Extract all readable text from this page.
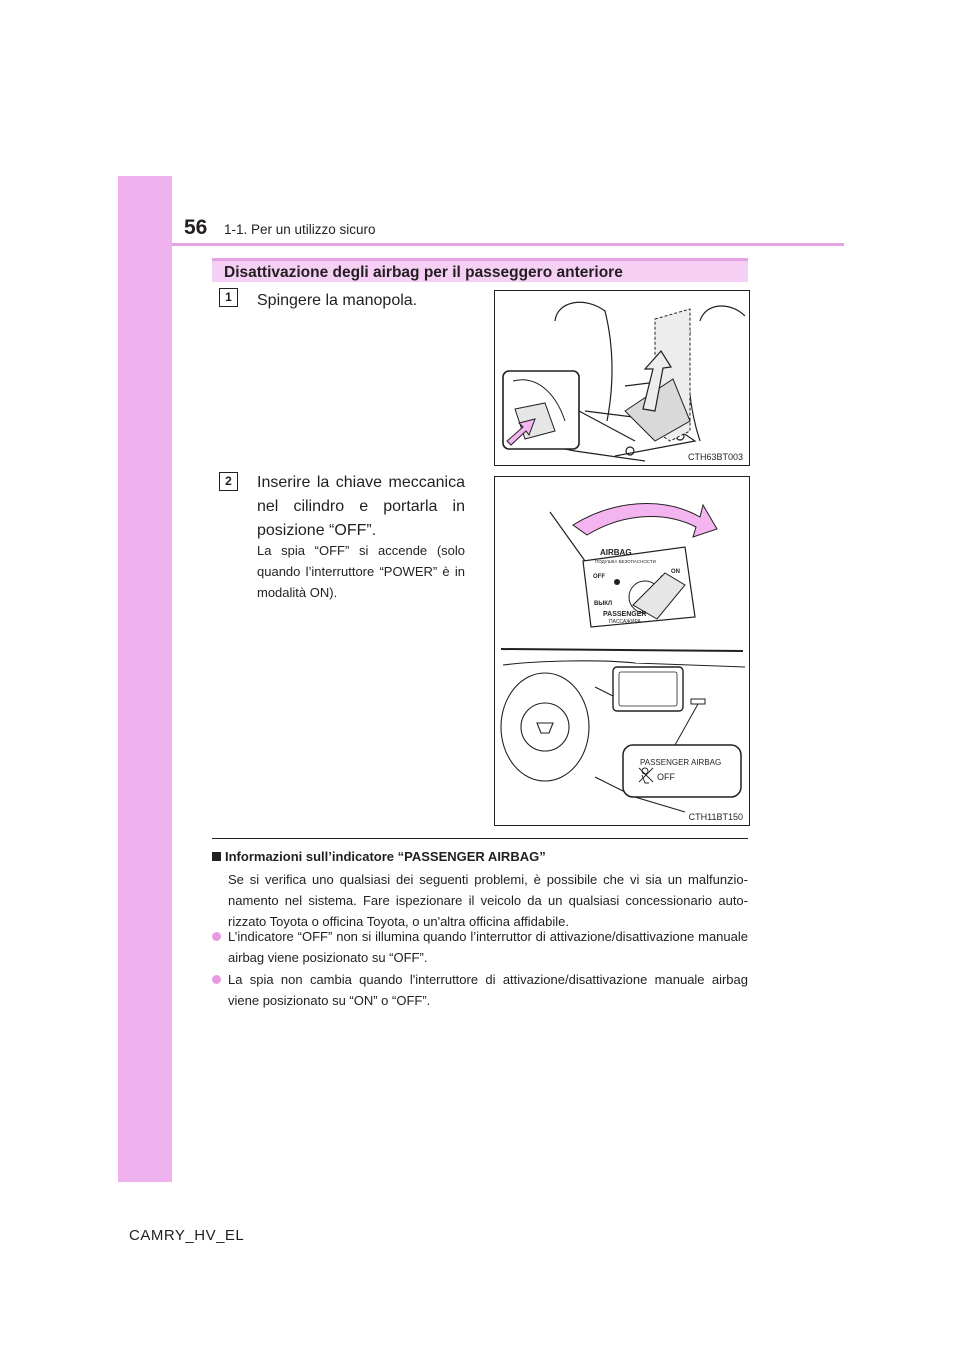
56 1-1. Per un utilizzo sicuro
Disattivazione degli airbag per il passeggero anteriore
1	Spingere la manopola.
CTH63BT003
2	Inserire la chiave meccanica nel cilindro e portarla in posizione “OFF”.
La spia “OFF” si accende (solo quando l’interruttore “POWER” è in modalità ON).
AIRBAG
ПОДУШКА БЕЗОПАСНОСТИ
OFF
ON
ВЫКЛ
PASSENGER
ПАССАЖИРА
PASSENGER AIRBAG
OFF
CTH11BT150
Informazioni sull’indicatore “PASSENGER AIRBAG”
Se si verifica uno qualsiasi dei seguenti problemi, è possibile che vi sia un malfunzio-namento nel sistema. Fare ispezionare il veicolo da un qualsiasi concessionario auto-rizzato Toyota o officina Toyota, o un'altra officina affidabile.
L’indicatore “OFF” non si illumina quando l’interruttor di attivazione/disattivazione manuale airbag viene posizionato su “OFF”.
La spia non cambia quando l'interruttore di attivazione/disattivazione manuale airbag viene posizionato su “ON” o “OFF”.
CAMRY_HV_EL
